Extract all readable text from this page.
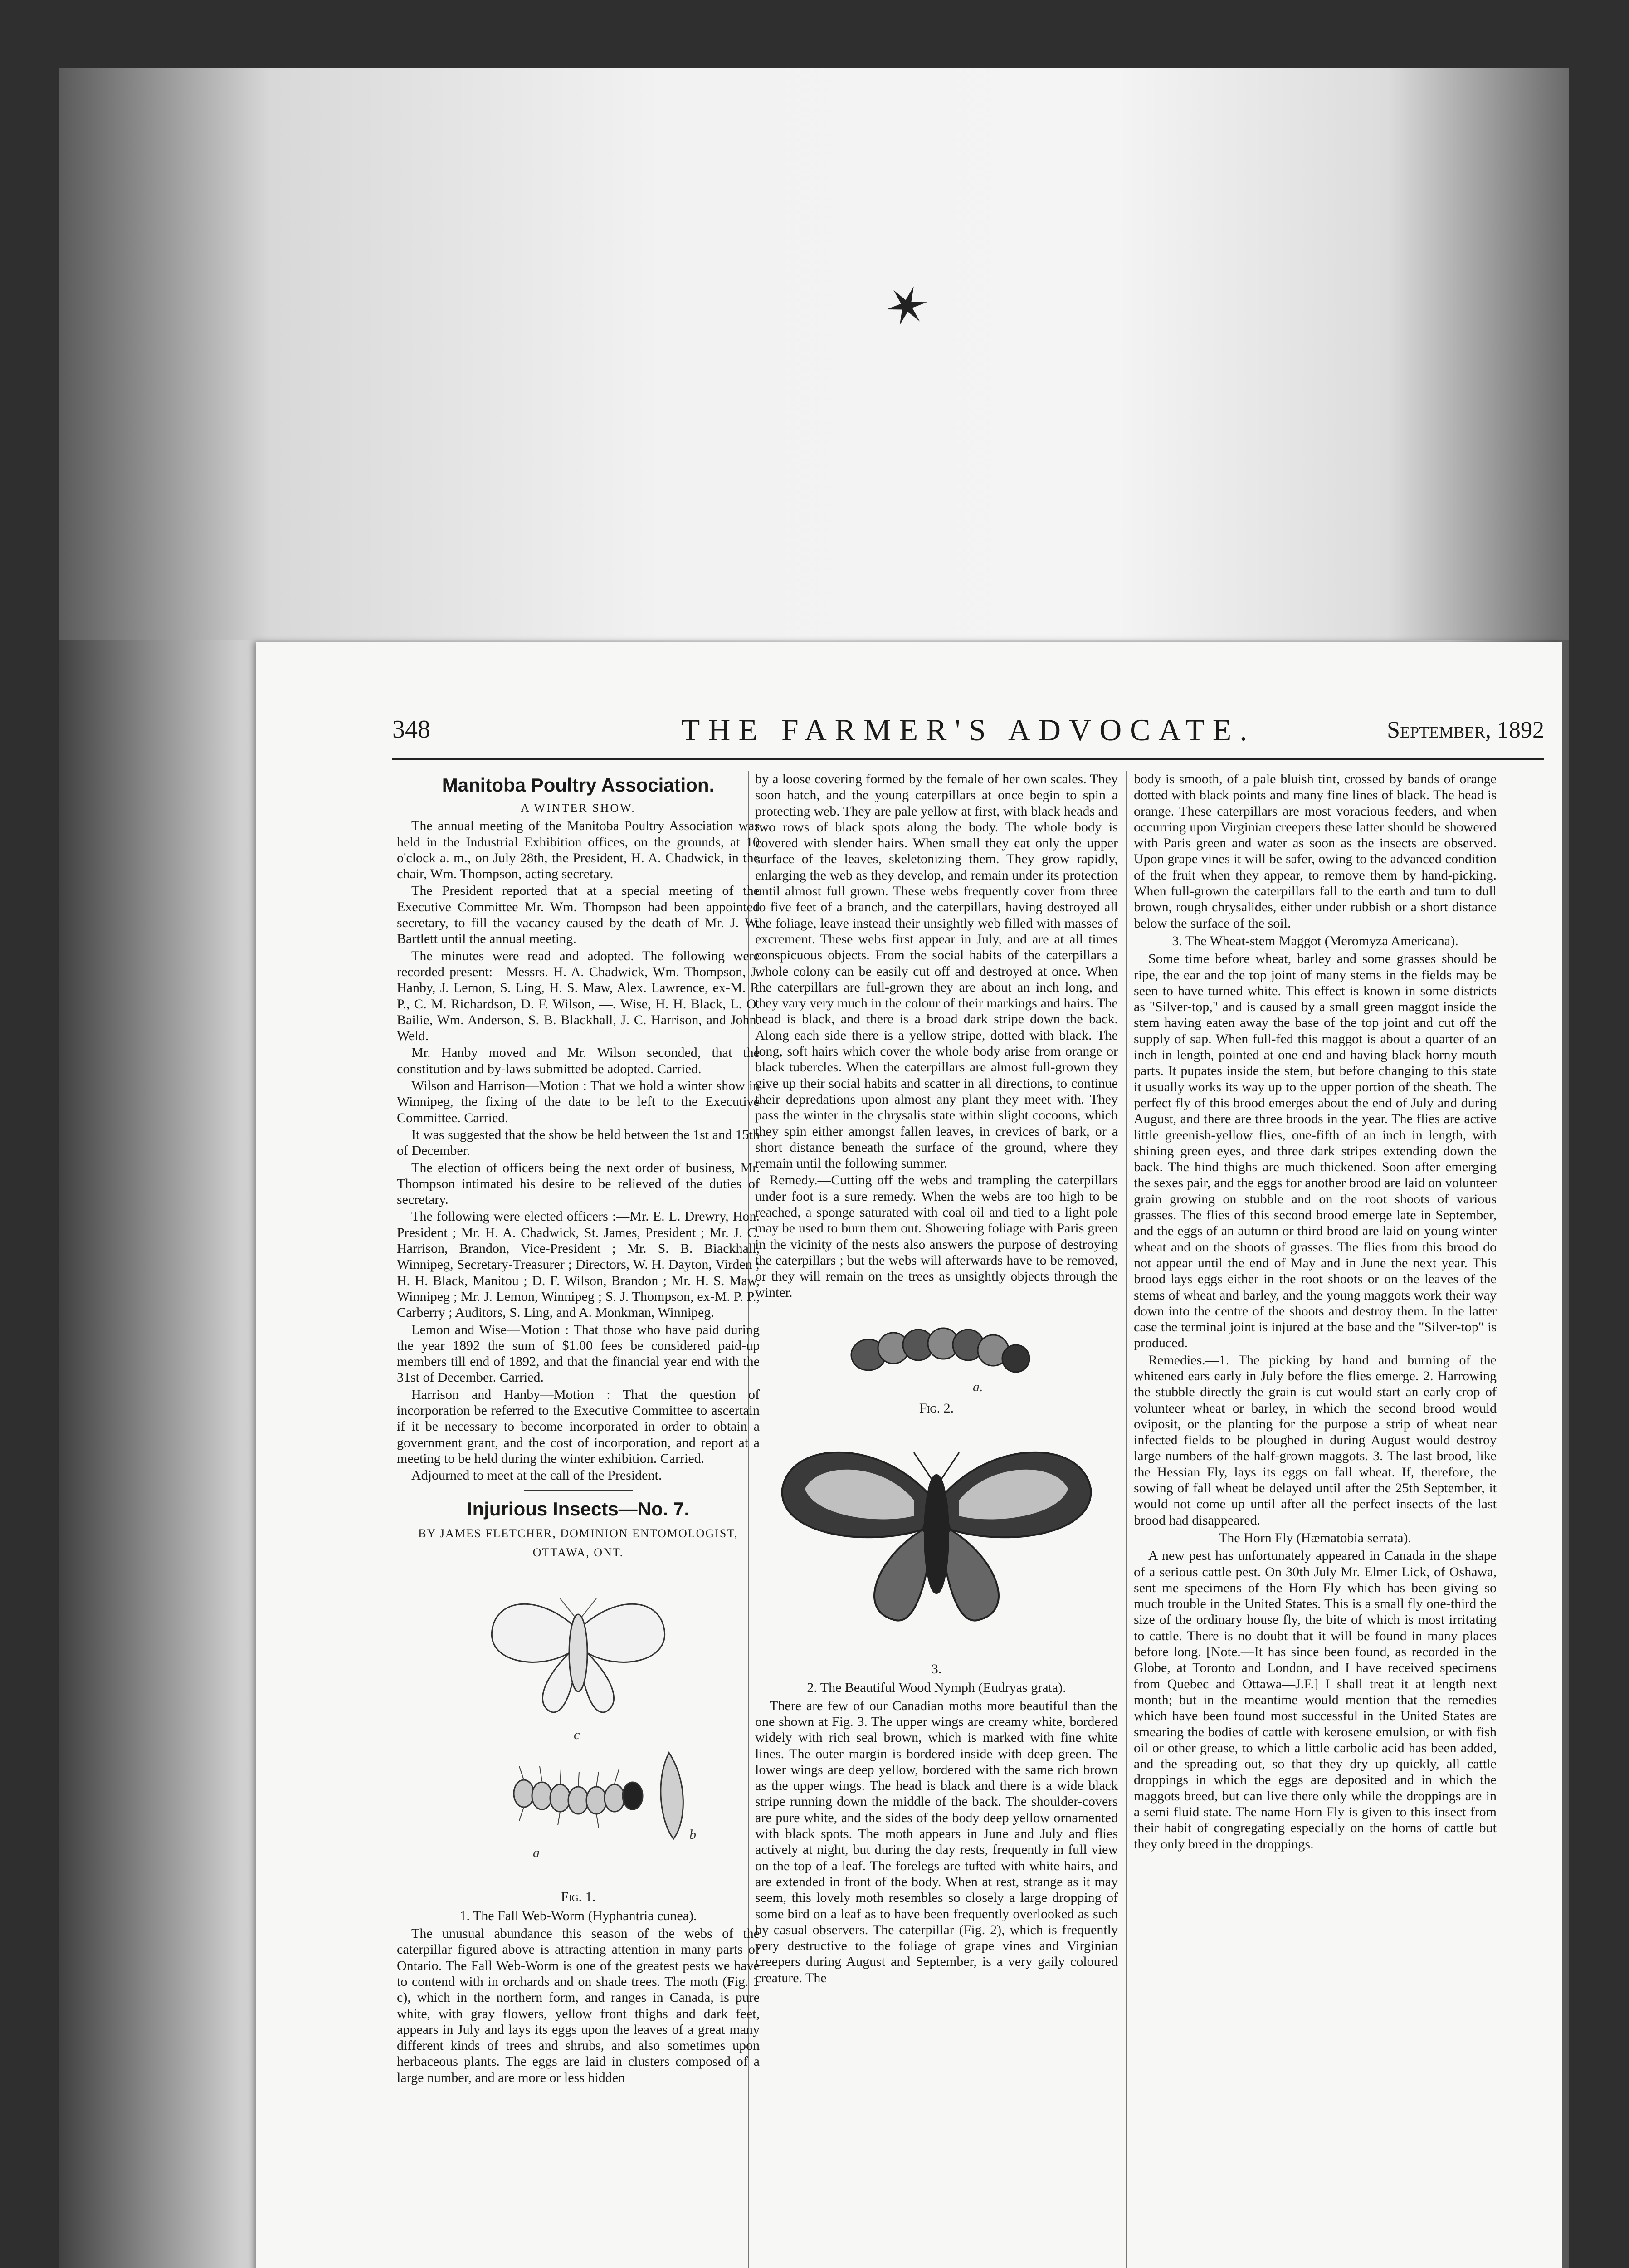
✶
THE FARMER'S ADVOCATE.
348	September, 1892
Manitoba Poultry Association.
A WINTER SHOW.

The annual meeting of the Manitoba Poultry Association was held in the Industrial Exhibition offices, on the grounds, at 10 o'clock a. m., on July 28th, the President, H. A. Chadwick, in the chair, Wm. Thompson, acting secretary.

The President reported that at a special meeting of the Executive Committee Mr. Wm. Thompson had been appointed secretary, to fill the vacancy caused by the death of Mr. J. W. Bartlett until the annual meeting.

The minutes were read and adopted. The following were recorded present:—Messrs. H. A. Chadwick, Wm. Thompson, J. Hanby, J. Lemon, S. Ling, H. S. Maw, Alex. Lawrence, ex-M. P. P., C. M. Richardson, D. F. Wilson, —. Wise, H. H. Black, L. O. Bailie, Wm. Anderson, S. B. Blackhall, J. C. Harrison, and John. Weld.

Mr. Hanby moved and Mr. Wilson seconded, that the constitution and by-laws submitted be adopted. Carried.

Wilson and Harrison—Motion : That we hold a winter show in Winnipeg, the fixing of the date to be left to the Executive Committee. Carried.

It was suggested that the show be held between the 1st and 15th of December.

The election of officers being the next order of business, Mr. Thompson intimated his desire to be relieved of the duties of secretary.

The following were elected officers :—Mr. E. L. Drewry, Hon. President ; Mr. H. A. Chadwick, St. James, President ; Mr. J. C. Harrison, Brandon, Vice-President ; Mr. S. B. Biackhall, Winnipeg, Secretary-Treasurer ; Directors, W. H. Dayton, Virden ; H. H. Black, Manitou ; D. F. Wilson, Brandon ; Mr. H. S. Maw, Winnipeg ; Mr. J. Lemon, Winnipeg ; S. J. Thompson, ex-M. P. P., Carberry ; Auditors, S. Ling, and A. Monkman, Winnipeg.

Lemon and Wise—Motion : That those who have paid during the year 1892 the sum of $1.00 fees be considered paid-up members till end of 1892, and that the financial year end with the 31st of December. Carried.

Harrison and Hanby—Motion : That the question of incorporation be referred to the Executive Committee to ascertain if it be necessary to become incorporated in order to obtain a government grant, and the cost of incorporation, and report at a meeting to be held during the winter exhibition. Carried.

Adjourned to meet at the call of the President.

Injurious Insects—No. 7.
BY JAMES FLETCHER, DOMINION ENTOMOLOGIST, OTTAWA, ONT.
c
a
b
Fig. 1.
1. The Fall Web-Worm (Hyphantria cunea).

The unusual abundance this season of the webs of the caterpillar figured above is attracting attention in many parts of Ontario. The Fall Web-Worm is one of the greatest pests we have to contend with in orchards and on shade trees. The moth (Fig. 1 c), which in the northern form, and ranges in Canada, is pure white, with gray flowers, yellow front thighs and dark feet, appears in July and lays its eggs upon the leaves of a great many different kinds of trees and shrubs, and also sometimes upon herbaceous plants. The eggs are laid in clusters composed of a large number, and are more or less hidden

by a loose covering formed by the female of her own scales. They soon hatch, and the young caterpillars at once begin to spin a protecting web. They are pale yellow at first, with black heads and two rows of black spots along the body. The whole body is covered with slender hairs. When small they eat only the upper surface of the leaves, skeletonizing them. They grow rapidly, enlarging the web as they develop, and remain under its protection until almost full grown. These webs frequently cover from three to five feet of a branch, and the caterpillars, having destroyed all the foliage, leave instead their unsightly web filled with masses of excrement. These webs first appear in July, and are at all times conspicuous objects. From the social habits of the caterpillars a whole colony can be easily cut off and destroyed at once. When the caterpillars are full-grown they are about an inch long, and they vary very much in the colour of their markings and hairs. The head is black, and there is a broad dark stripe down the back. Along each side there is a yellow stripe, dotted with black. The long, soft hairs which cover the whole body arise from orange or black tubercles. When the caterpillars are almost full-grown they give up their social habits and scatter in all directions, to continue their depredations upon almost any plant they meet with. They pass the winter in the chrysalis state within slight cocoons, which they spin either amongst fallen leaves, in crevices of bark, or a short distance beneath the surface of the ground, where they remain until the following summer.

Remedy.—Cutting off the webs and trampling the caterpillars under foot is a sure remedy. When the webs are too high to be reached, a sponge saturated with coal oil and tied to a light pole may be used to burn them out. Showering foliage with Paris green in the vicinity of the nests also answers the purpose of destroying the caterpillars ; but the webs will afterwards have to be removed, or they will remain on the trees as unsightly objects through the winter.

a.
Fig. 2.
3.
2. The Beautiful Wood Nymph (Eudryas grata).

There are few of our Canadian moths more beautiful than the one shown at Fig. 3. The upper wings are creamy white, bordered widely with rich seal brown, which is marked with fine white lines. The outer margin is bordered inside with deep green. The lower wings are deep yellow, bordered with the same rich brown as the upper wings. The head is black and there is a wide black stripe running down the middle of the back. The shoulder-covers are pure white, and the sides of the body deep yellow ornamented with black spots. The moth appears in June and July and flies actively at night, but during the day rests, frequently in full view on the top of a leaf. The forelegs are tufted with white hairs, and are extended in front of the body. When at rest, strange as it may seem, this lovely moth resembles so closely a large dropping of some bird on a leaf as to have been frequently overlooked as such by casual observers. The caterpillar (Fig. 2), which is frequently very destructive to the foliage of grape vines and Virginian creepers during August and September, is a very gaily coloured creature. The

body is smooth, of a pale bluish tint, crossed by bands of orange dotted with black points and many fine lines of black. The head is orange. These caterpillars are most voracious feeders, and when occurring upon Virginian creepers these latter should be showered with Paris green and water as soon as the insects are observed. Upon grape vines it will be safer, owing to the advanced condition of the fruit when they appear, to remove them by hand-picking. When full-grown the caterpillars fall to the earth and turn to dull brown, rough chrysalides, either under rubbish or a short distance below the surface of the soil.

3. The Wheat-stem Maggot (Meromyza Americana).

Some time before wheat, barley and some grasses should be ripe, the ear and the top joint of many stems in the fields may be seen to have turned white. This effect is known in some districts as "Silver-top," and is caused by a small green maggot inside the stem having eaten away the base of the top joint and cut off the supply of sap. When full-fed this maggot is about a quarter of an inch in length, pointed at one end and having black horny mouth parts. It pupates inside the stem, but before changing to this state it usually works its way up to the upper portion of the sheath. The perfect fly of this brood emerges about the end of July and during August, and there are three broods in the year. The flies are active little greenish-yellow flies, one-fifth of an inch in length, with shining green eyes, and three dark stripes extending down the back. The hind thighs are much thickened. Soon after emerging the sexes pair, and the eggs for another brood are laid on volunteer grain growing on stubble and on the root shoots of various grasses. The flies of this second brood emerge late in September, and the eggs of an autumn or third brood are laid on young winter wheat and on the shoots of grasses. The flies from this brood do not appear until the end of May and in June the next year. This brood lays eggs either in the root shoots or on the leaves of the stems of wheat and barley, and the young maggots work their way down into the centre of the shoots and destroy them. In the latter case the terminal joint is injured at the base and the "Silver-top" is produced.

Remedies.—1. The picking by hand and burning of the whitened ears early in July before the flies emerge. 2. Harrowing the stubble directly the grain is cut would start an early crop of volunteer wheat or barley, in which the second brood would oviposit, or the planting for the purpose a strip of wheat near infected fields to be ploughed in during August would destroy large numbers of the half-grown maggots. 3. The last brood, like the Hessian Fly, lays its eggs on fall wheat. If, therefore, the sowing of fall wheat be delayed until after the 25th September, it would not come up until after all the perfect insects of the last brood had disappeared.

The Horn Fly (Hæmatobia serrata).

A new pest has unfortunately appeared in Canada in the shape of a serious cattle pest. On 30th July Mr. Elmer Lick, of Oshawa, sent me specimens of the Horn Fly which has been giving so much trouble in the United States. This is a small fly one-third the size of the ordinary house fly, the bite of which is most irritating to cattle. There is no doubt that it will be found in many places before long. [Note.—It has since been found, as recorded in the Globe, at Toronto and London, and I have received specimens from Quebec and Ottawa—J.F.] I shall treat it at length next month; but in the meantime would mention that the remedies which have been found most successful in the United States are smearing the bodies of cattle with kerosene emulsion, or with fish oil or other grease, to which a little carbolic acid has been added, and the spreading out, so that they dry up quickly, all cattle droppings in which the eggs are deposited and in which the maggots breed, but can live there only while the droppings are in a semi fluid state. The name Horn Fly is given to this insect from their habit of congregating especially on the horns of cattle but they only breed in the droppings.
